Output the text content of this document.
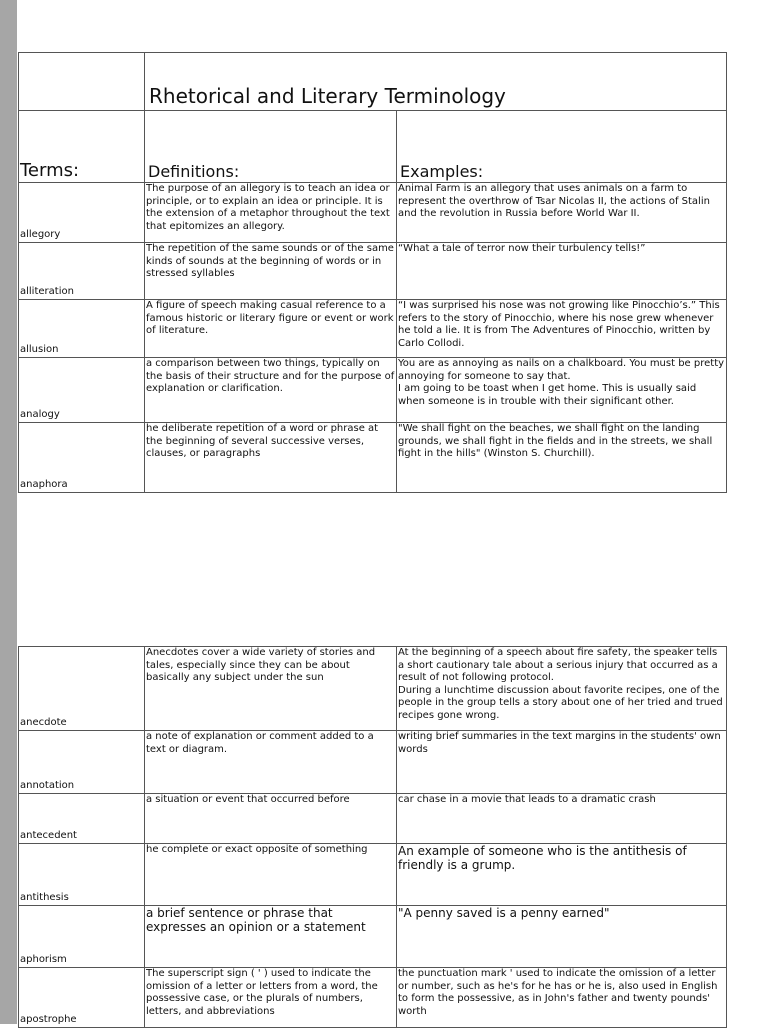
	Rhetorical and Literary Terminology	
Terms:	Definitions:	Examples:
allegory	The purpose of an allegory is to teach an idea or principle, or to explain an idea or principle. It is the extension of a metaphor throughout the text that epitomizes an allegory.	Animal Farm is an allegory that uses animals on a farm to represent the overthrow of Tsar Nicolas II, the actions of Stalin and the revolution in Russia before World War II.
alliteration	The repetition of the same sounds or of the same kinds of sounds at the beginning of words or in stressed syllables	“What a tale of terror now their turbulency tells!”
allusion	A figure of speech making casual reference to a famous historic or literary figure or event or work of literature.	“I was surprised his nose was not growing like Pinocchio’s.” This refers to the story of Pinocchio, where his nose grew whenever he told a lie. It is from The Adventures of Pinocchio, written by Carlo Collodi.
analogy	a comparison between two things, typically on the basis of their structure and for the purpose of explanation or clarification.	You are as annoying as nails on a chalkboard. You must be pretty annoying for someone to say that.
I am going to be toast when I get home. This is usually said when someone is in trouble with their significant other.
anaphora	he deliberate repetition of a word or phrase at the beginning of several successive verses, clauses, or paragraphs	"We shall fight on the beaches, we shall fight on the landing grounds, we shall fight in the fields and in the streets, we shall fight in the hills" (Winston S. Churchill).
anecdote	Anecdotes cover a wide variety of stories and tales, especially since they can be about basically any subject under the sun	At the beginning of a speech about fire safety, the speaker tells a short cautionary tale about a serious injury that occurred as a result of not following protocol.
During a lunchtime discussion about favorite recipes, one of the people in the group tells a story about one of her tried and trued recipes gone wrong.
annotation	a note of explanation or comment added to a text or diagram.	writing brief summaries in the text margins in the students' own words
antecedent	a situation or event that occurred before	car chase in a movie that leads to a dramatic crash
antithesis	he complete or exact opposite of something	An example of someone who is the antithesis of friendly is a grump.
aphorism	a brief sentence or phrase that expresses an opinion or a statement	"A penny saved is a penny earned"
apostrophe	The superscript sign ( ' ) used to indicate the omission of a letter or letters from a word, the possessive case, or the plurals of numbers, letters, and abbreviations	the punctuation mark ' used to indicate the omission of a letter or number, such as he's for he has or he is, also used in English to form the possessive, as in John's father and twenty pounds' worth
